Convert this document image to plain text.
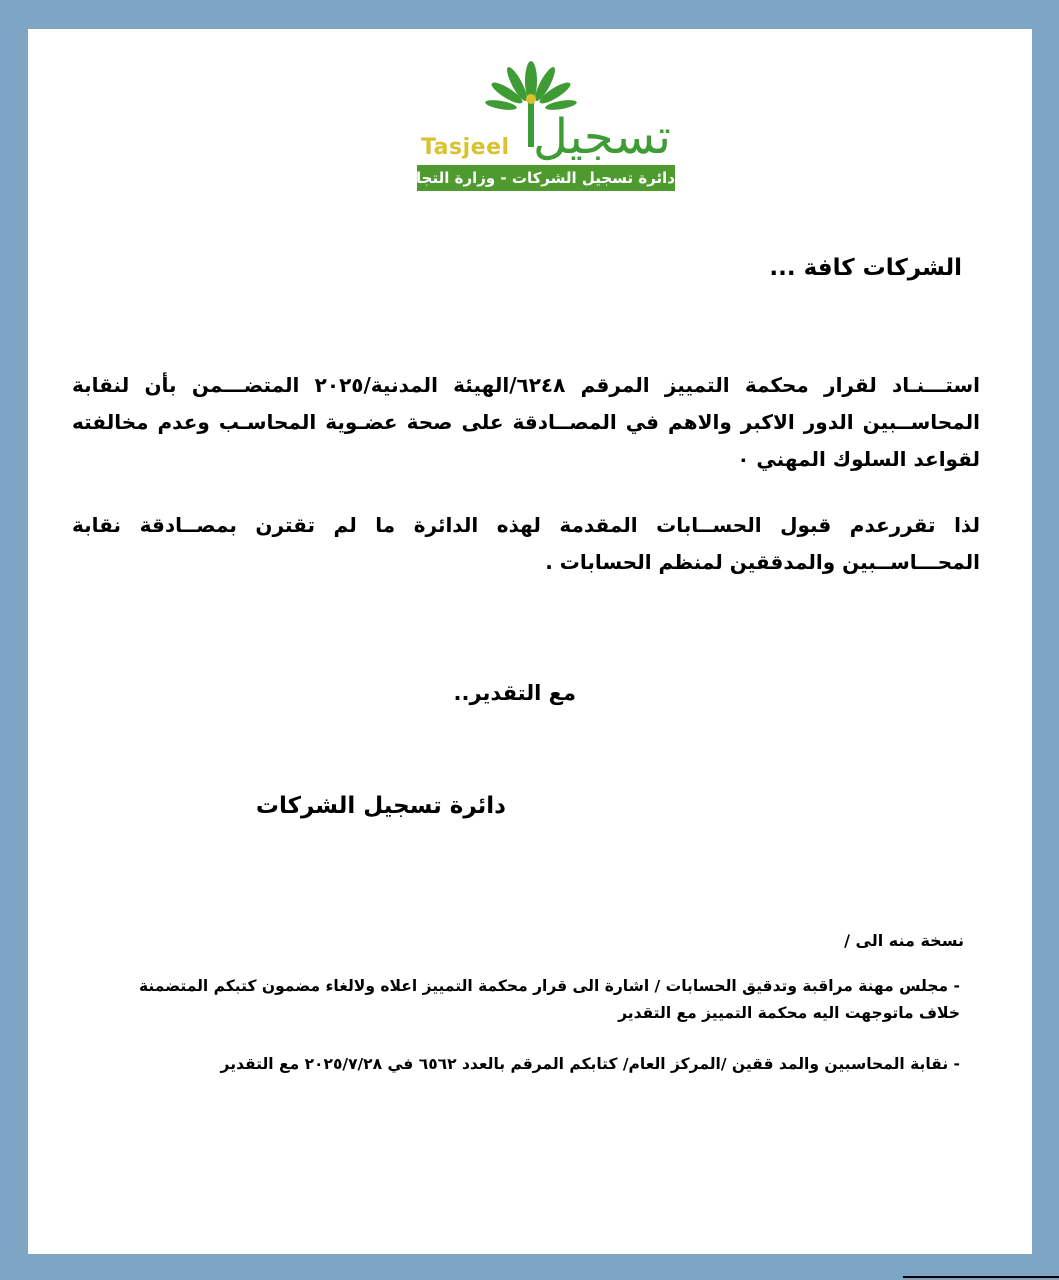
Tasjeel تسجيل
دائرة تسجيل الشركات - وزارة التجارة
الشركات كافة ...
استـــنـاد لقرار محكمة التمييز المرقم ٦٢٤٨/الهيئة المدنية/٢٠٢٥ المتضـــمن بأن لنقابة المحاســبين الدور الاكبر والاهم في المصــادقة على صحة عضـوية المحاسـب وعدم مخالفته لقواعد السلوك المهني ٠
لذا تقررعدم قبول الحســابات المقدمة لهذه الدائرة ما لم تقترن بمصــادقة نقابة المحـــاســبين والمدققين لمنظم الحسابات .
مع التقدير..
دائرة تسجيل الشركات
نسخة منه الى /
- مجلس مهنة مراقبة وتدقيق الحسابات / اشارة الى قرار محكمة التمييز اعلاه ولالغاء مضمون كتبكم المتضمنة خلاف ماتوجهت اليه محكمة التمييز مع التقدير
- نقابة المحاسبين والمد ققين /المركز العام/ كتابكم المرقم بالعدد ٦٥٦٢ في ٢٠٢٥/٧/٢٨ مع التقدير
